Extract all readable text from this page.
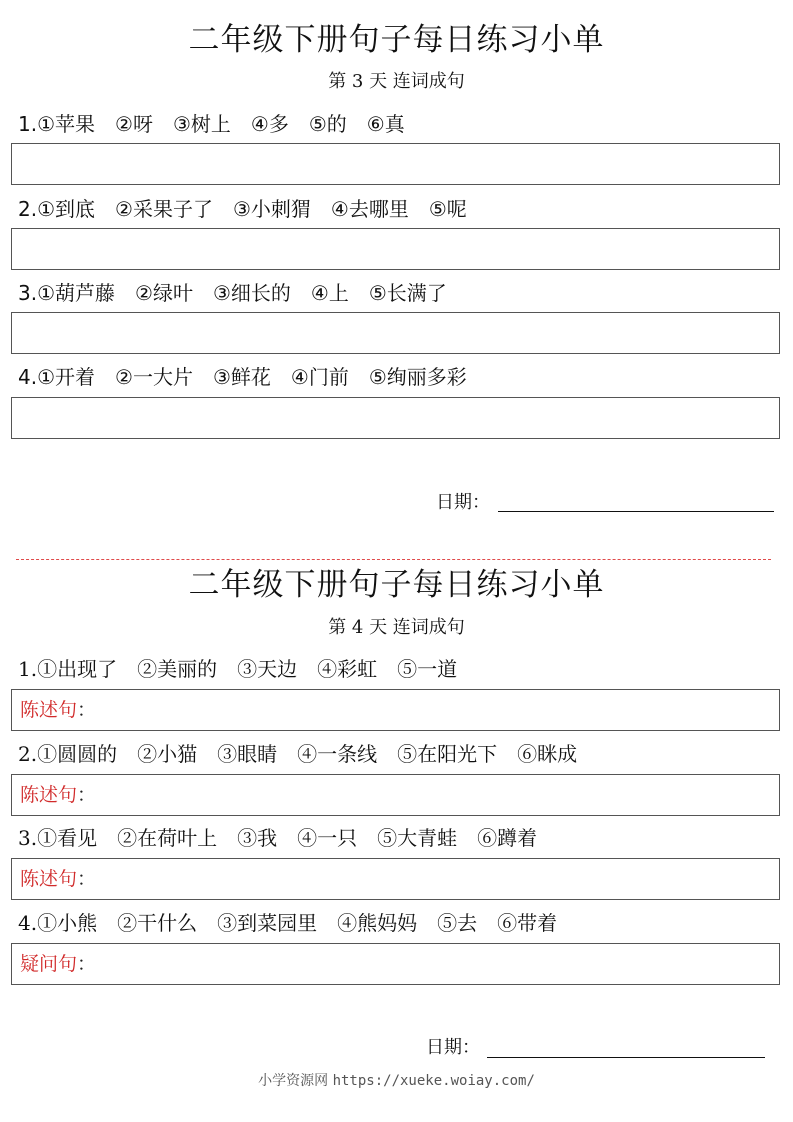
二年级下册句子每日练习小单
第 3 天 连词成句
1.①苹果 ②呀 ③树上 ④多 ⑤的 ⑥真
2.①到底 ②采果子了 ③小刺猬 ④去哪里 ⑤呢
3.①葫芦藤 ②绿叶 ③细长的 ④上 ⑤长满了
4.①开着 ②一大片 ③鲜花 ④门前 ⑤绚丽多彩
日期：
二年级下册句子每日练习小单
第 4 天 连词成句
1.①出现了 ②美丽的 ③天边 ④彩虹 ⑤一道
陈述句：
2.①圆圆的 ②小猫 ③眼睛 ④一条线 ⑤在阳光下 ⑥眯成
陈述句：
3.①看见 ②在荷叶上 ③我 ④一只 ⑤大青蛙 ⑥蹲着
陈述句：
4.①小熊 ②干什么 ③到菜园里 ④熊妈妈 ⑤去 ⑥带着
疑问句：
日期：
小学资源网 https://xueke.woiay.com/
